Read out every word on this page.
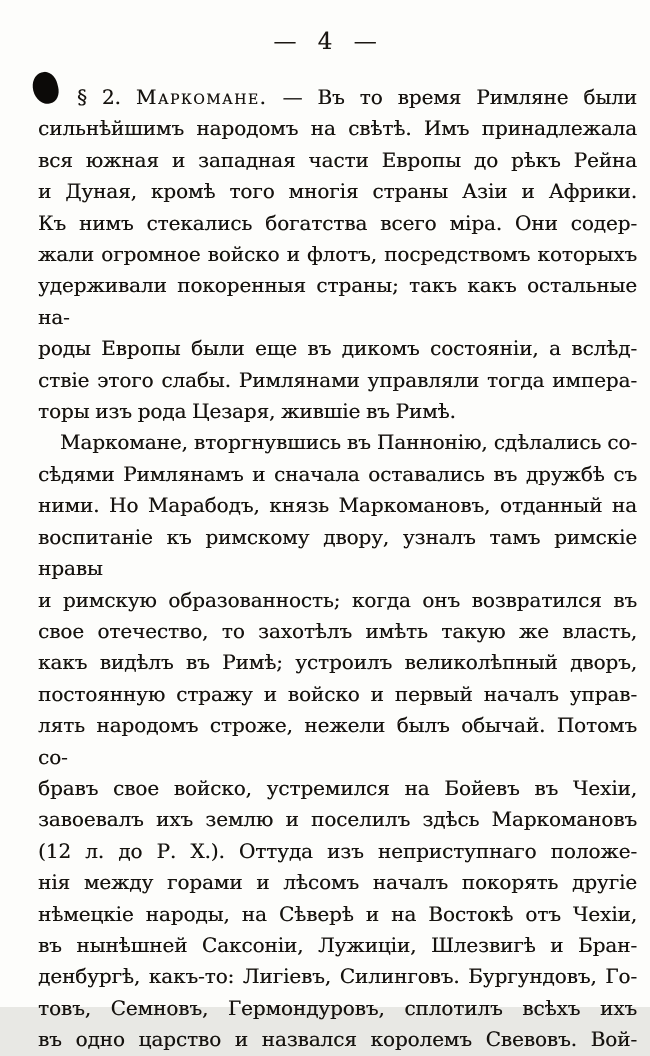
— 4 —
§ 2. Маркомане. — Въ то время Римляне были
сильнѣйшимъ народомъ на свѣтѣ. Имъ принадлежала
вся южная и западная части Европы до рѣкъ Рейна
и Дуная, кромѣ того многія страны Азіи и Африки.
Къ нимъ стекались богатства всего міра. Они содер-
жали огромное войско и флотъ, посредствомъ которыхъ
удерживали покоренныя страны; такъ какъ остальные на-
роды Европы были еще въ дикомъ состояніи, а вслѣд-
ствіе этого слабы. Римлянами управляли тогда импера-
торы изъ рода Цезаря, жившіе въ Римѣ.
Маркомане, вторгнувшись въ Паннонію, сдѣлались со-
сѣдями Римлянамъ и сначала оставались въ дружбѣ съ
ними. Но Марабодъ, князь Маркомановъ, отданный на
воспитаніе къ римскому двору, узналъ тамъ римскіе нравы
и римскую образованность; когда онъ возвратился въ
свое отечество, то захотѣлъ имѣть такую же власть,
какъ видѣлъ въ Римѣ; устроилъ великолѣпный дворъ,
постоянную стражу и войско и первый началъ управ-
лять народомъ строже, нежели былъ обычай. Потомъ со-
бравъ свое войско, устремился на Бойевъ въ Чехіи,
завоевалъ ихъ землю и поселилъ здѣсь Маркомановъ
(12 л. до Р. Х.). Оттуда изъ неприступнаго положе-
нія между горами и лѣсомъ началъ покорять другіе
нѣмецкіе народы, на Сѣверѣ и на Востокѣ отъ Чехіи,
въ нынѣшней Саксоніи, Лужиціи, Шлезвигѣ и Бран-
денбургѣ, какъ-то: Лигіевъ, Силинговъ. Бургундовъ, Го-
товъ, Семновъ, Гермондуровъ, сплотилъ всѣхъ ихъ
въ одно царство и назвался королемъ Свевовъ. Вой-
